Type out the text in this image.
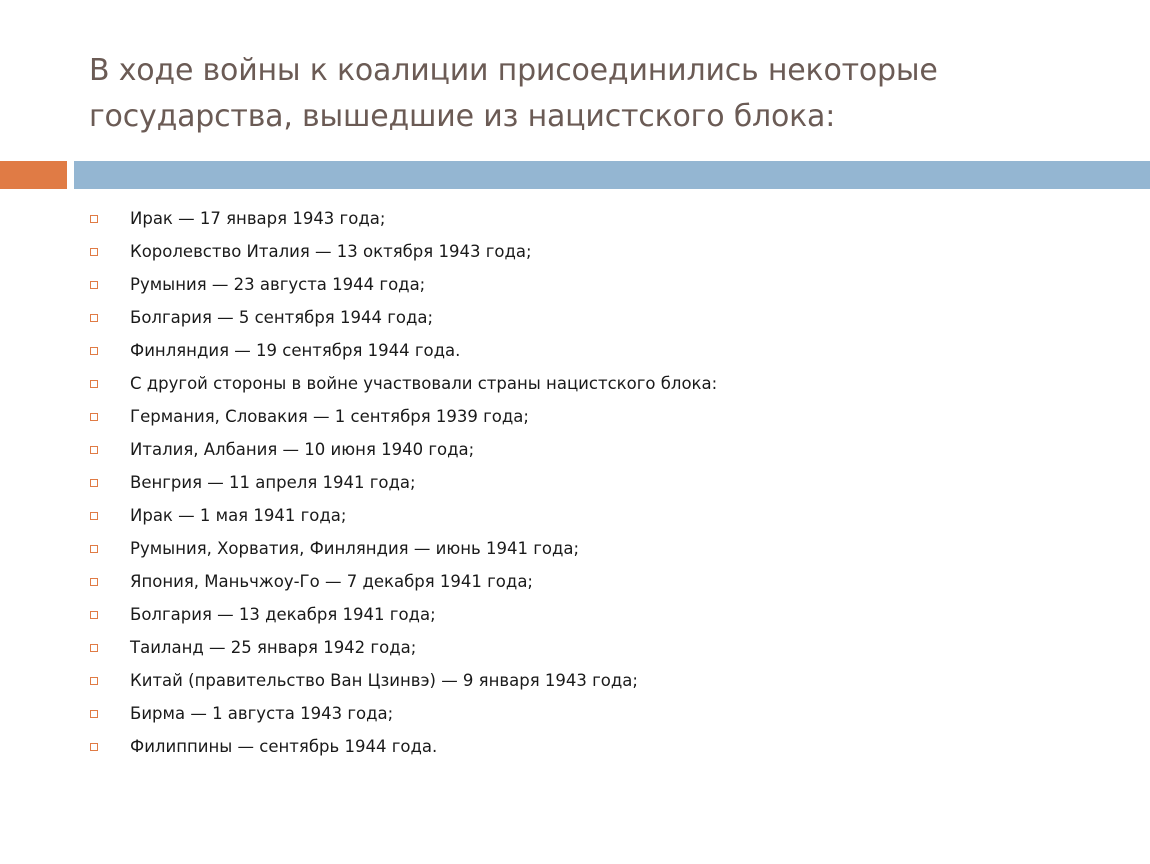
В ходе войны к коалиции присоединились некоторые государства, вышедшие из нацистского блока:
Ирак — 17 января 1943 года;
Королевство Италия — 13 октября 1943 года;
Румыния — 23 августа 1944 года;
Болгария — 5 сентября 1944 года;
Финляндия — 19 сентября 1944 года.
С другой стороны в войне участвовали страны нацистского блока:
Германия, Словакия — 1 сентября 1939 года;
Италия, Албания — 10 июня 1940 года;
Венгрия — 11 апреля 1941 года;
Ирак — 1 мая 1941 года;
Румыния, Хорватия, Финляндия — июнь 1941 года;
Япония, Маньчжоу-Го — 7 декабря 1941 года;
Болгария — 13 декабря 1941 года;
Таиланд — 25 января 1942 года;
Китай (правительство Ван Цзинвэ) — 9 января 1943 года;
Бирма — 1 августа 1943 года;
Филиппины — сентябрь 1944 года.
